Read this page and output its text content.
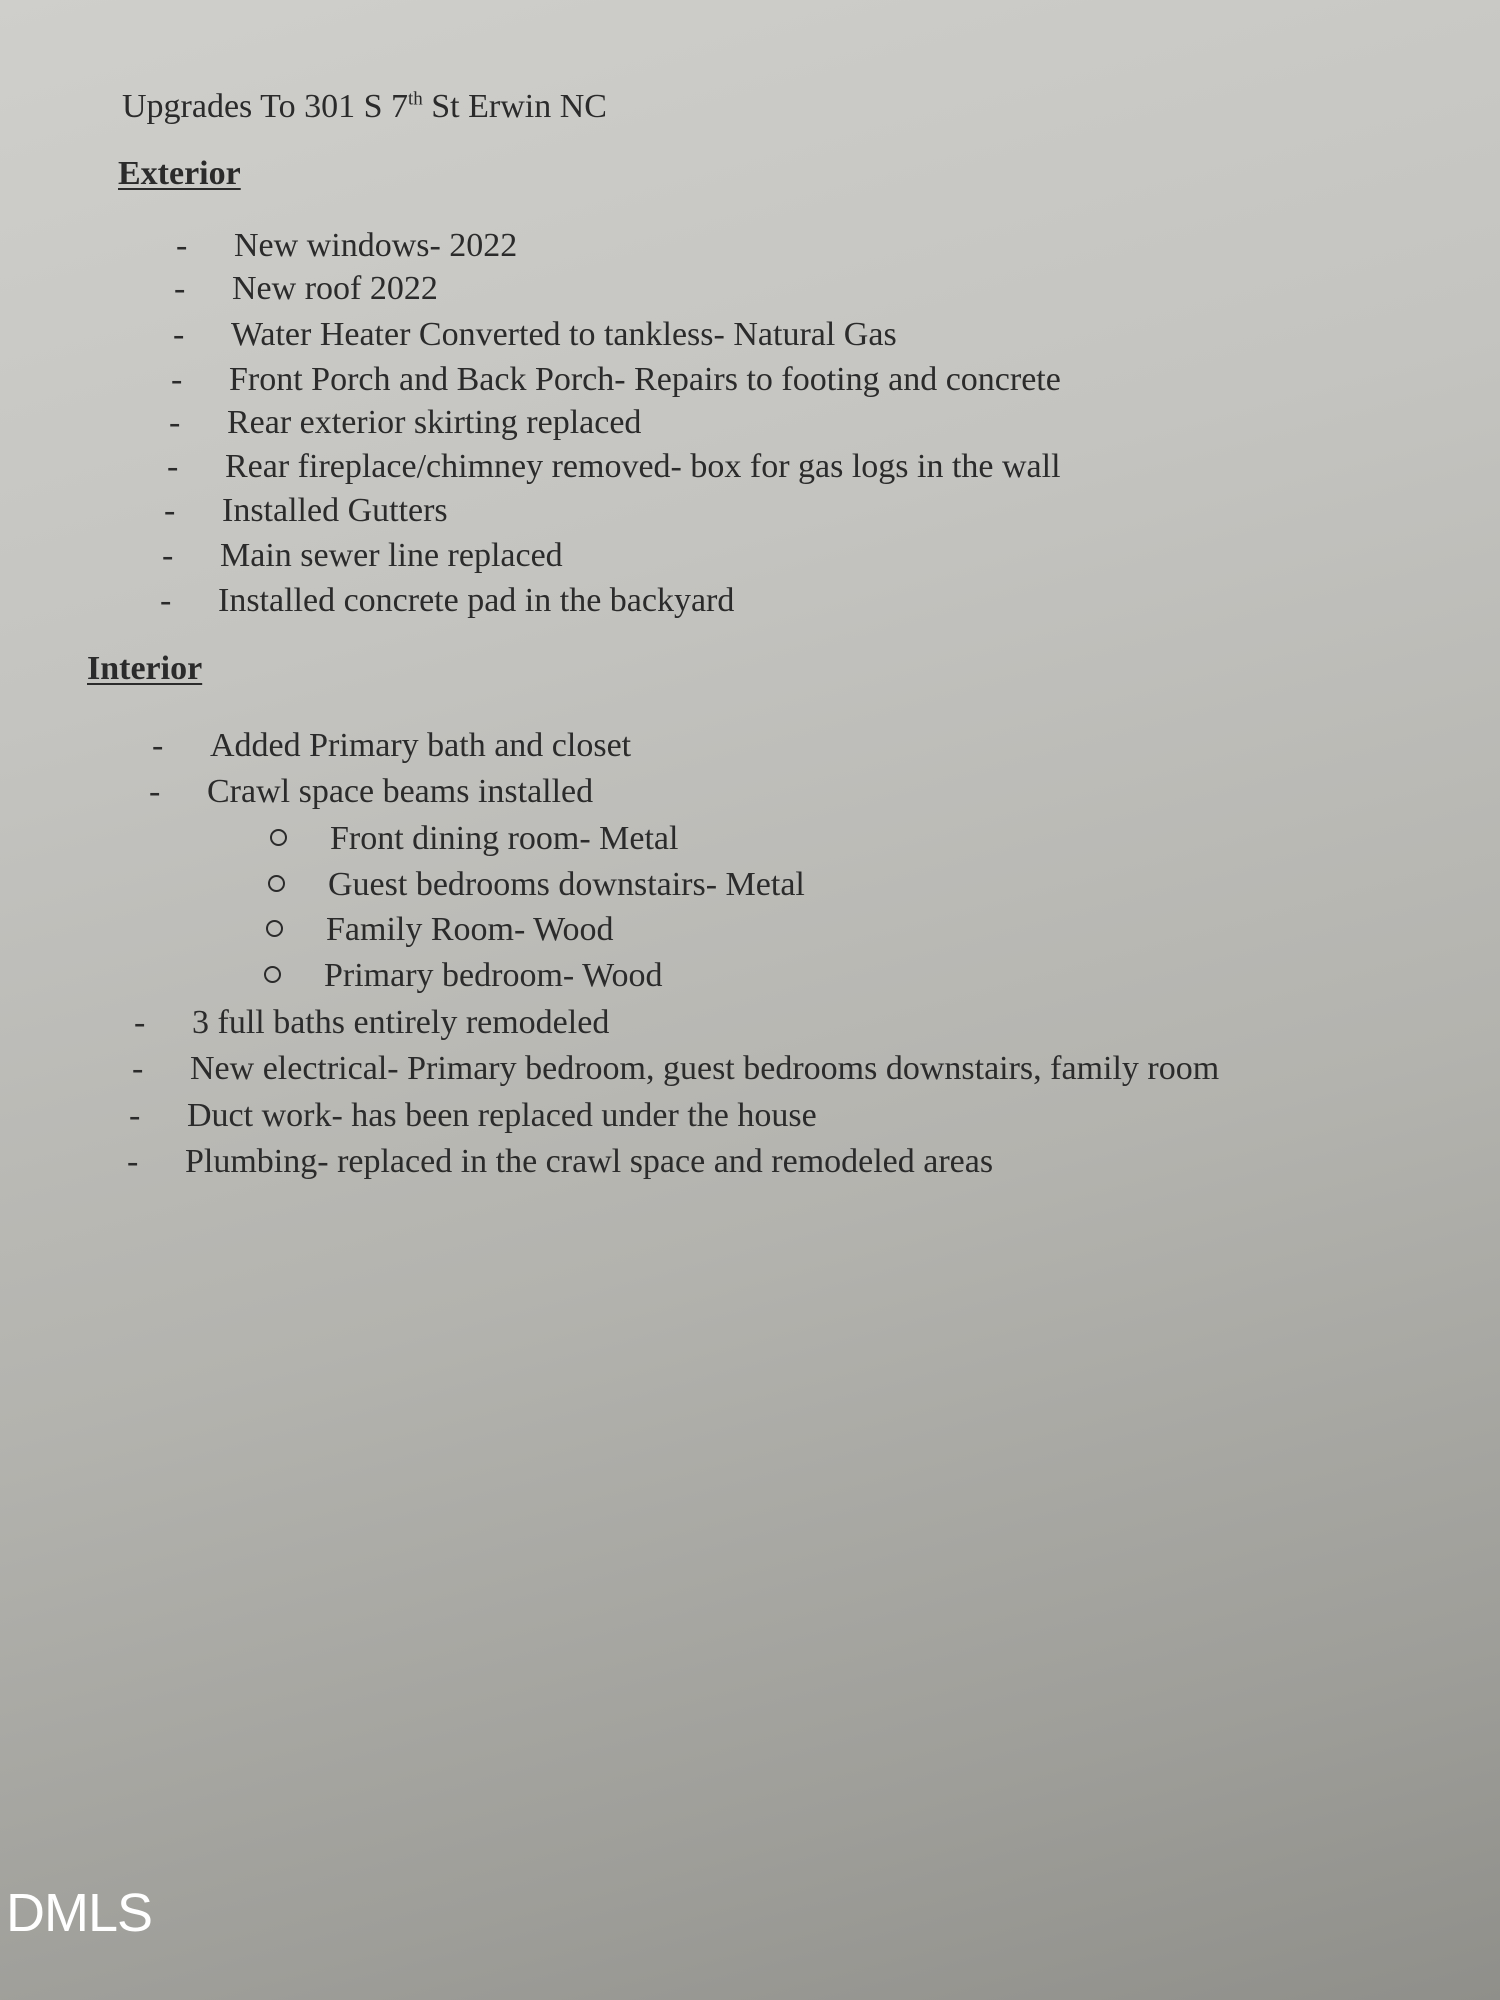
Upgrades To 301 S 7th St Erwin NC
Exterior
- New windows- 2022
- New roof 2022
- Water Heater Converted to tankless- Natural Gas
- Front Porch and Back Porch- Repairs to footing and concrete
- Rear exterior skirting replaced
- Rear fireplace/chimney removed- box for gas logs in the wall
- Installed Gutters
- Main sewer line replaced
- Installed concrete pad in the backyard
Interior
- Added Primary bath and closet
- Crawl space beams installed
Front dining room- Metal
Guest bedrooms downstairs- Metal
Family Room- Wood
Primary bedroom- Wood
- 3 full baths entirely remodeled
- New electrical- Primary bedroom, guest bedrooms downstairs, family room
- Duct work- has been replaced under the house
- Plumbing- replaced in the crawl space and remodeled areas
DMLS
